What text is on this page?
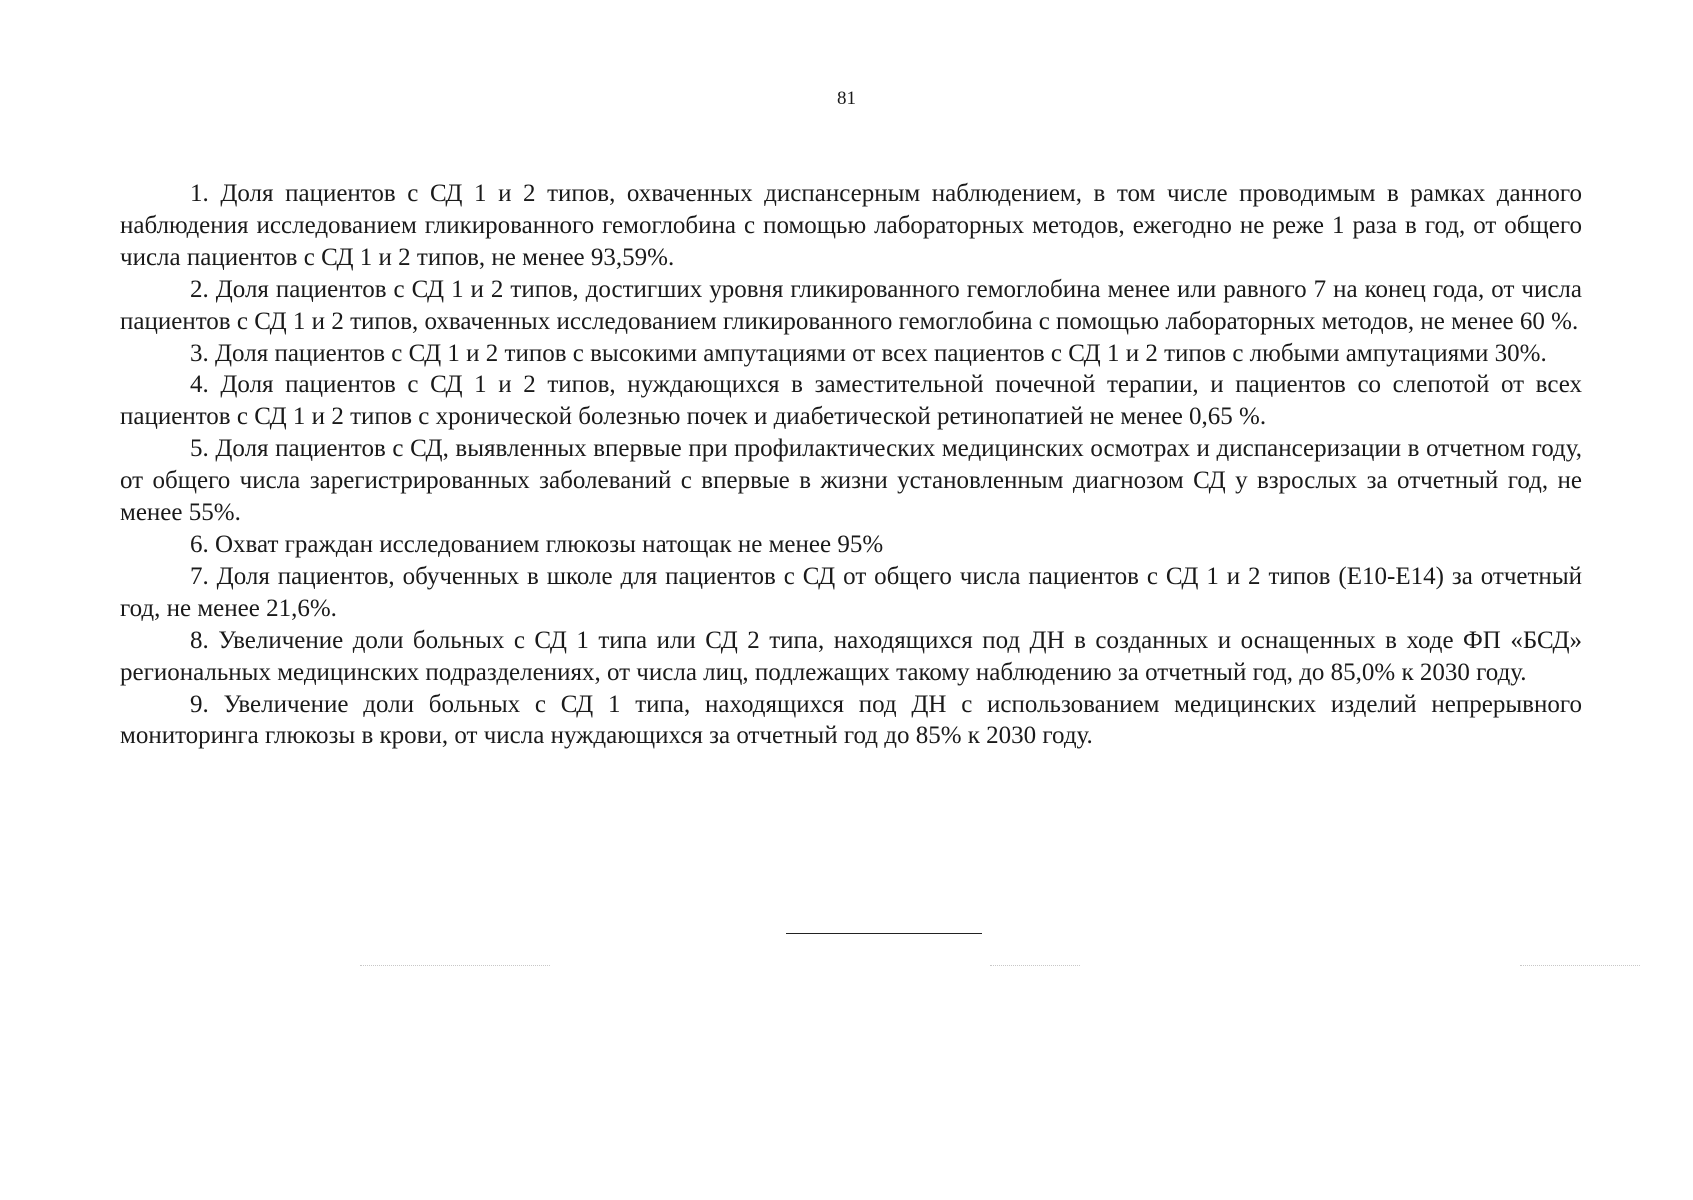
81

1. Доля пациентов с СД 1 и 2 типов, охваченных диспансерным наблюдением, в том числе проводимым в рамках данного наблюдения исследованием гликированного гемоглобина с помощью лабораторных методов, ежегодно не реже 1 раза в год, от общего числа пациентов с СД 1 и 2 типов, не менее 93,59%.

2. Доля пациентов с СД 1 и 2 типов, достигших уровня гликированного гемоглобина менее или равного 7 на конец года, от числа пациентов с СД 1 и 2 типов, охваченных исследованием гликированного гемоглобина с помощью лабораторных методов, не менее 60 %.

3. Доля пациентов с СД 1 и 2 типов с высокими ампутациями от всех пациентов с СД 1 и 2 типов с любыми ампутациями 30%.

4. Доля пациентов с СД 1 и 2 типов, нуждающихся в заместительной почечной терапии, и пациентов со слепотой от всех пациентов с СД 1 и 2 типов с хронической болезнью почек и диабетической ретинопатией не менее 0,65 %.

5. Доля пациентов с СД, выявленных впервые при профилактических медицинских осмотрах и диспансеризации в отчетном году, от общего числа зарегистрированных заболеваний с впервые в жизни установленным диагнозом СД у взрослых за отчетный год, не менее 55%.

6. Охват граждан исследованием глюкозы натощак не менее 95%

7. Доля пациентов, обученных в школе для пациентов с СД от общего числа пациентов с СД 1 и 2 типов (Е10-Е14) за отчетный год, не менее 21,6%.

8. Увеличение доли больных с СД 1 типа или СД 2 типа, находящихся под ДН в созданных и оснащенных в ходе ФП «БСД» региональных медицинских подразделениях, от числа лиц, подлежащих такому наблюдению за отчетный год, до 85,0% к 2030 году.

9. Увеличение доли больных с СД 1 типа, находящихся под ДН с использованием медицинских изделий непрерывного мониторинга глюкозы в крови, от числа нуждающихся за отчетный год до 85% к 2030 году.
